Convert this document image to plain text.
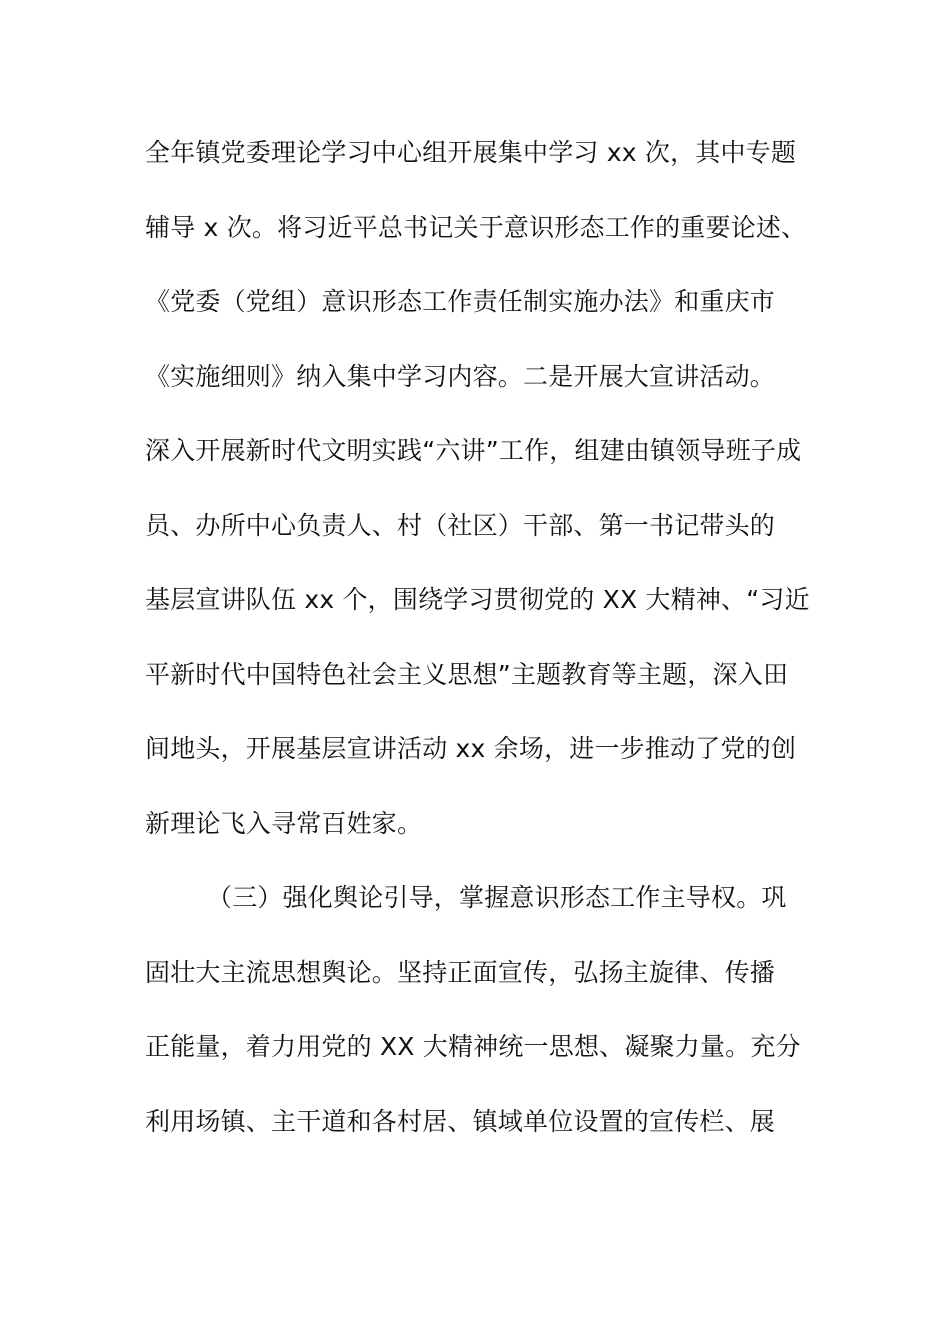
全年镇党委理论学习中心组开展集中学习 xx 次，其中专题
辅导 x 次。将习近平总书记关于意识形态工作的重要论述、
《党委（党组）意识形态工作责任制实施办法》和重庆市
《实施细则》纳入集中学习内容。二是开展大宣讲活动。
深入开展新时代文明实践“六讲”工作，组建由镇领导班子成
员、办所中心负责人、村（社区）干部、第一书记带头的
基层宣讲队伍 xx 个，围绕学习贯彻党的 XX 大精神、“习近
平新时代中国特色社会主义思想”主题教育等主题，深入田
间地头，开展基层宣讲活动 xx 余场，进一步推动了党的创
新理论飞入寻常百姓家。
（三）强化舆论引导，掌握意识形态工作主导权。巩
固壮大主流思想舆论。坚持正面宣传，弘扬主旋律、传播
正能量，着力用党的 XX 大精神统一思想、凝聚力量。充分
利用场镇、主干道和各村居、镇域单位设置的宣传栏、展
